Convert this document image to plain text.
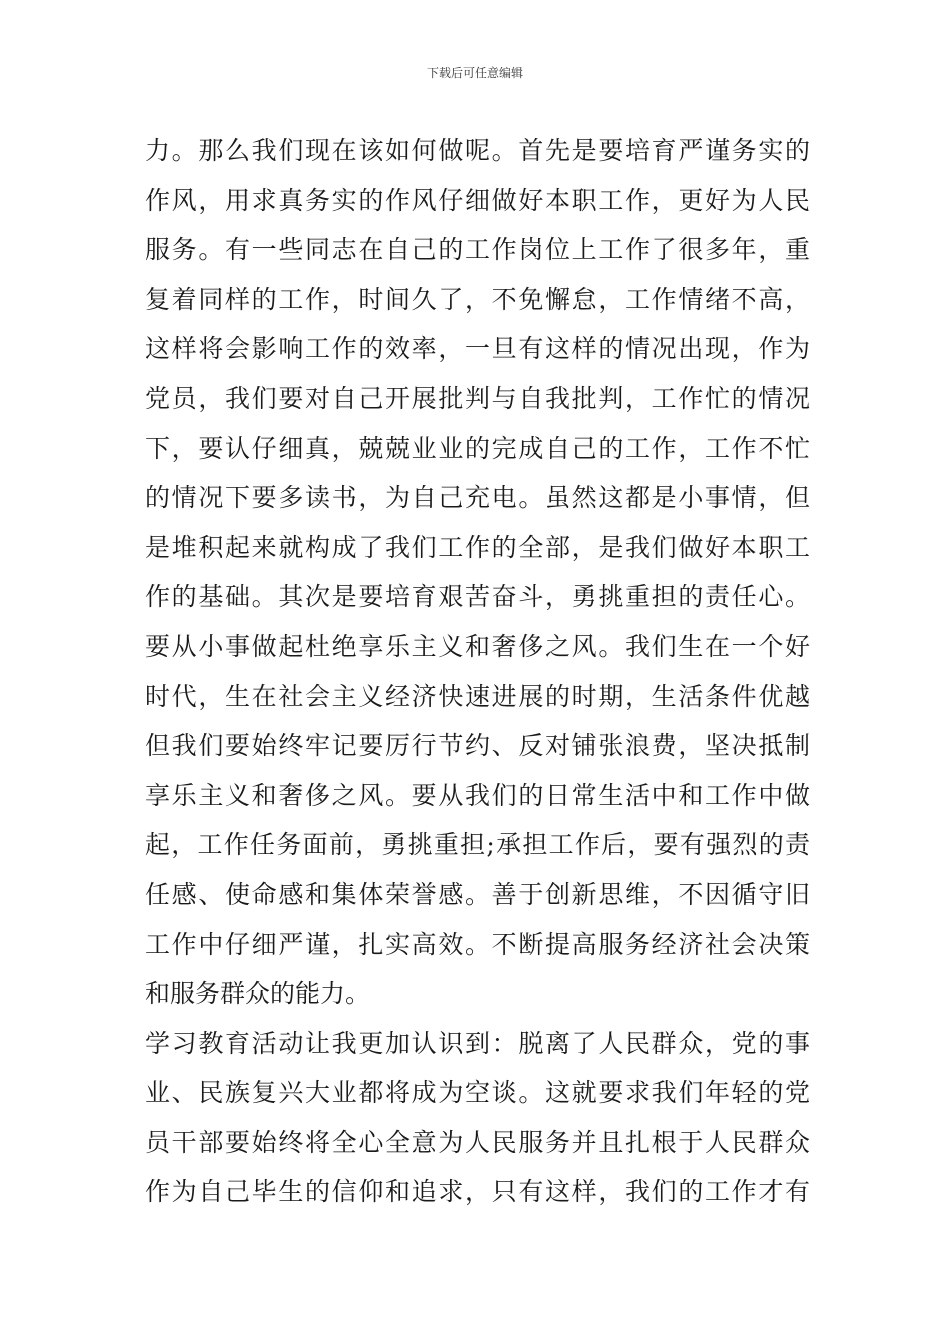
下载后可任意编辑
力。那么我们现在该如何做呢。首先是要培育严谨务实的
作风，用求真务实的作风仔细做好本职工作，更好为人民
服务。有一些同志在自己的工作岗位上工作了很多年，重
复着同样的工作，时间久了，不免懈怠，工作情绪不高，
这样将会影响工作的效率，一旦有这样的情况出现，作为
党员，我们要对自己开展批判与自我批判，工作忙的情况
下，要认仔细真，兢兢业业的完成自己的工作，工作不忙
的情况下要多读书，为自己充电。虽然这都是小事情，但
是堆积起来就构成了我们工作的全部，是我们做好本职工
作的基础。其次是要培育艰苦奋斗，勇挑重担的责任心。
要从小事做起杜绝享乐主义和奢侈之风。我们生在一个好
时代，生在社会主义经济快速进展的时期，生活条件优越
但我们要始终牢记要厉行节约、反对铺张浪费，坚决抵制
享乐主义和奢侈之风。要从我们的日常生活中和工作中做
起，工作任务面前，勇挑重担;承担工作后，要有强烈的责
任感、使命感和集体荣誉感。善于创新思维，不因循守旧
工作中仔细严谨，扎实高效。不断提高服务经济社会决策
和服务群众的能力。
学习教育活动让我更加认识到：脱离了人民群众，党的事
业、民族复兴大业都将成为空谈。这就要求我们年轻的党
员干部要始终将全心全意为人民服务并且扎根于人民群众
作为自己毕生的信仰和追求，只有这样，我们的工作才有
